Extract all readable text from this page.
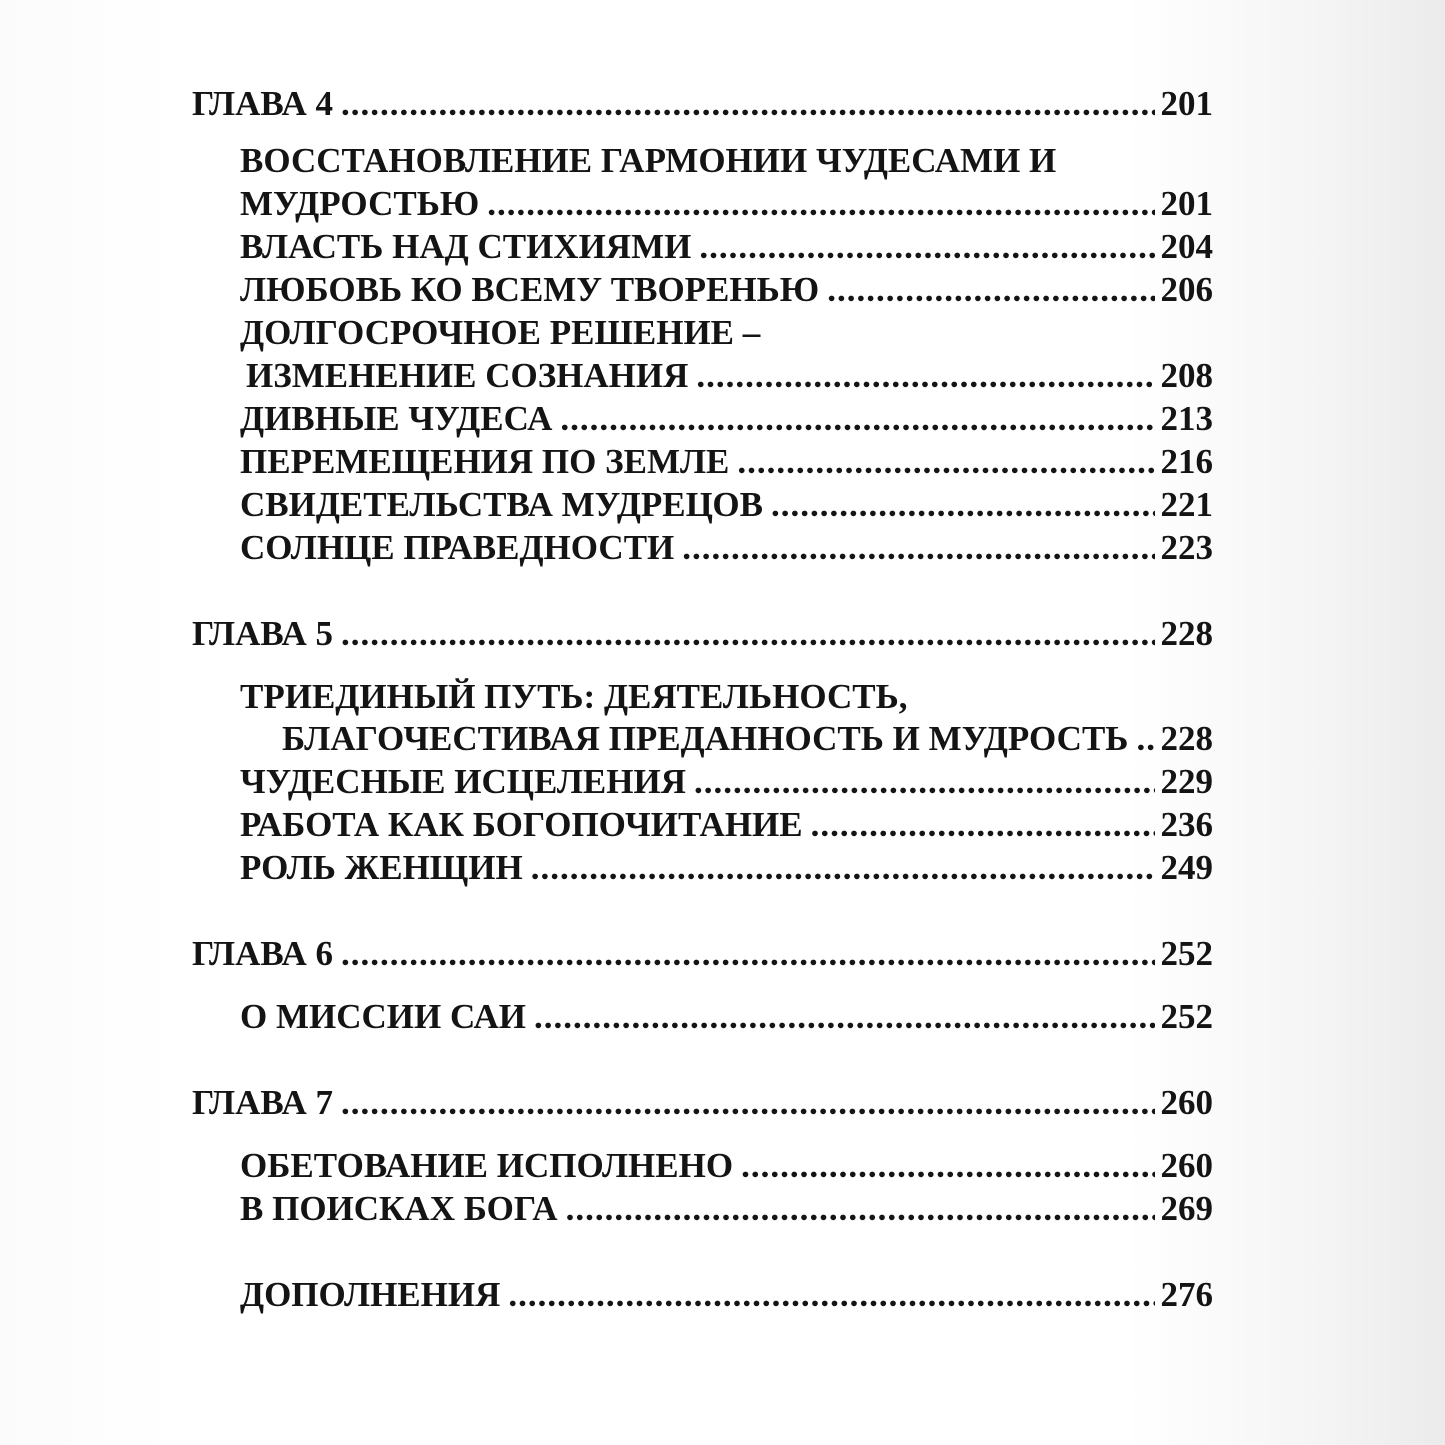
ГЛАВА 4 .....	201
ВОССТАНОВЛЕНИЕ ГАРМОНИИ ЧУДЕСАМИ И
МУДРОСТЬЮ .....	201
ВЛАСТЬ НАД СТИХИЯМИ .....	204
ЛЮБОВЬ КО ВСЕМУ ТВОРЕНЬЮ .....	206
ДОЛГОСРОЧНОЕ РЕШЕНИЕ –
ИЗМЕНЕНИЕ СОЗНАНИЯ .....	208
ДИВНЫЕ ЧУДЕСА .....	213
ПЕРЕМЕЩЕНИЯ ПО ЗЕМЛЕ .....	216
СВИДЕТЕЛЬСТВА МУДРЕЦОВ .....	221
СОЛНЦЕ ПРАВЕДНОСТИ .....	223
ГЛАВА 5 .....	228
ТРИЕДИНЫЙ ПУТЬ: ДЕЯТЕЛЬНОСТЬ,
БЛАГОЧЕСТИВАЯ ПРЕДАННОСТЬ И МУДРОСТЬ ..... 228
ЧУДЕСНЫЕ ИСЦЕЛЕНИЯ .....	229
РАБОТА КАК БОГОПОЧИТАНИЕ .....	236
РОЛЬ ЖЕНЩИН .....	249
ГЛАВА 6 .....	252
О МИССИИ САИ .....	252
ГЛАВА 7 .....	260
ОБЕТОВАНИЕ ИСПОЛНЕНО .....	260
В ПОИСКАХ БОГА .....	269
ДОПОЛНЕНИЯ .....	276
